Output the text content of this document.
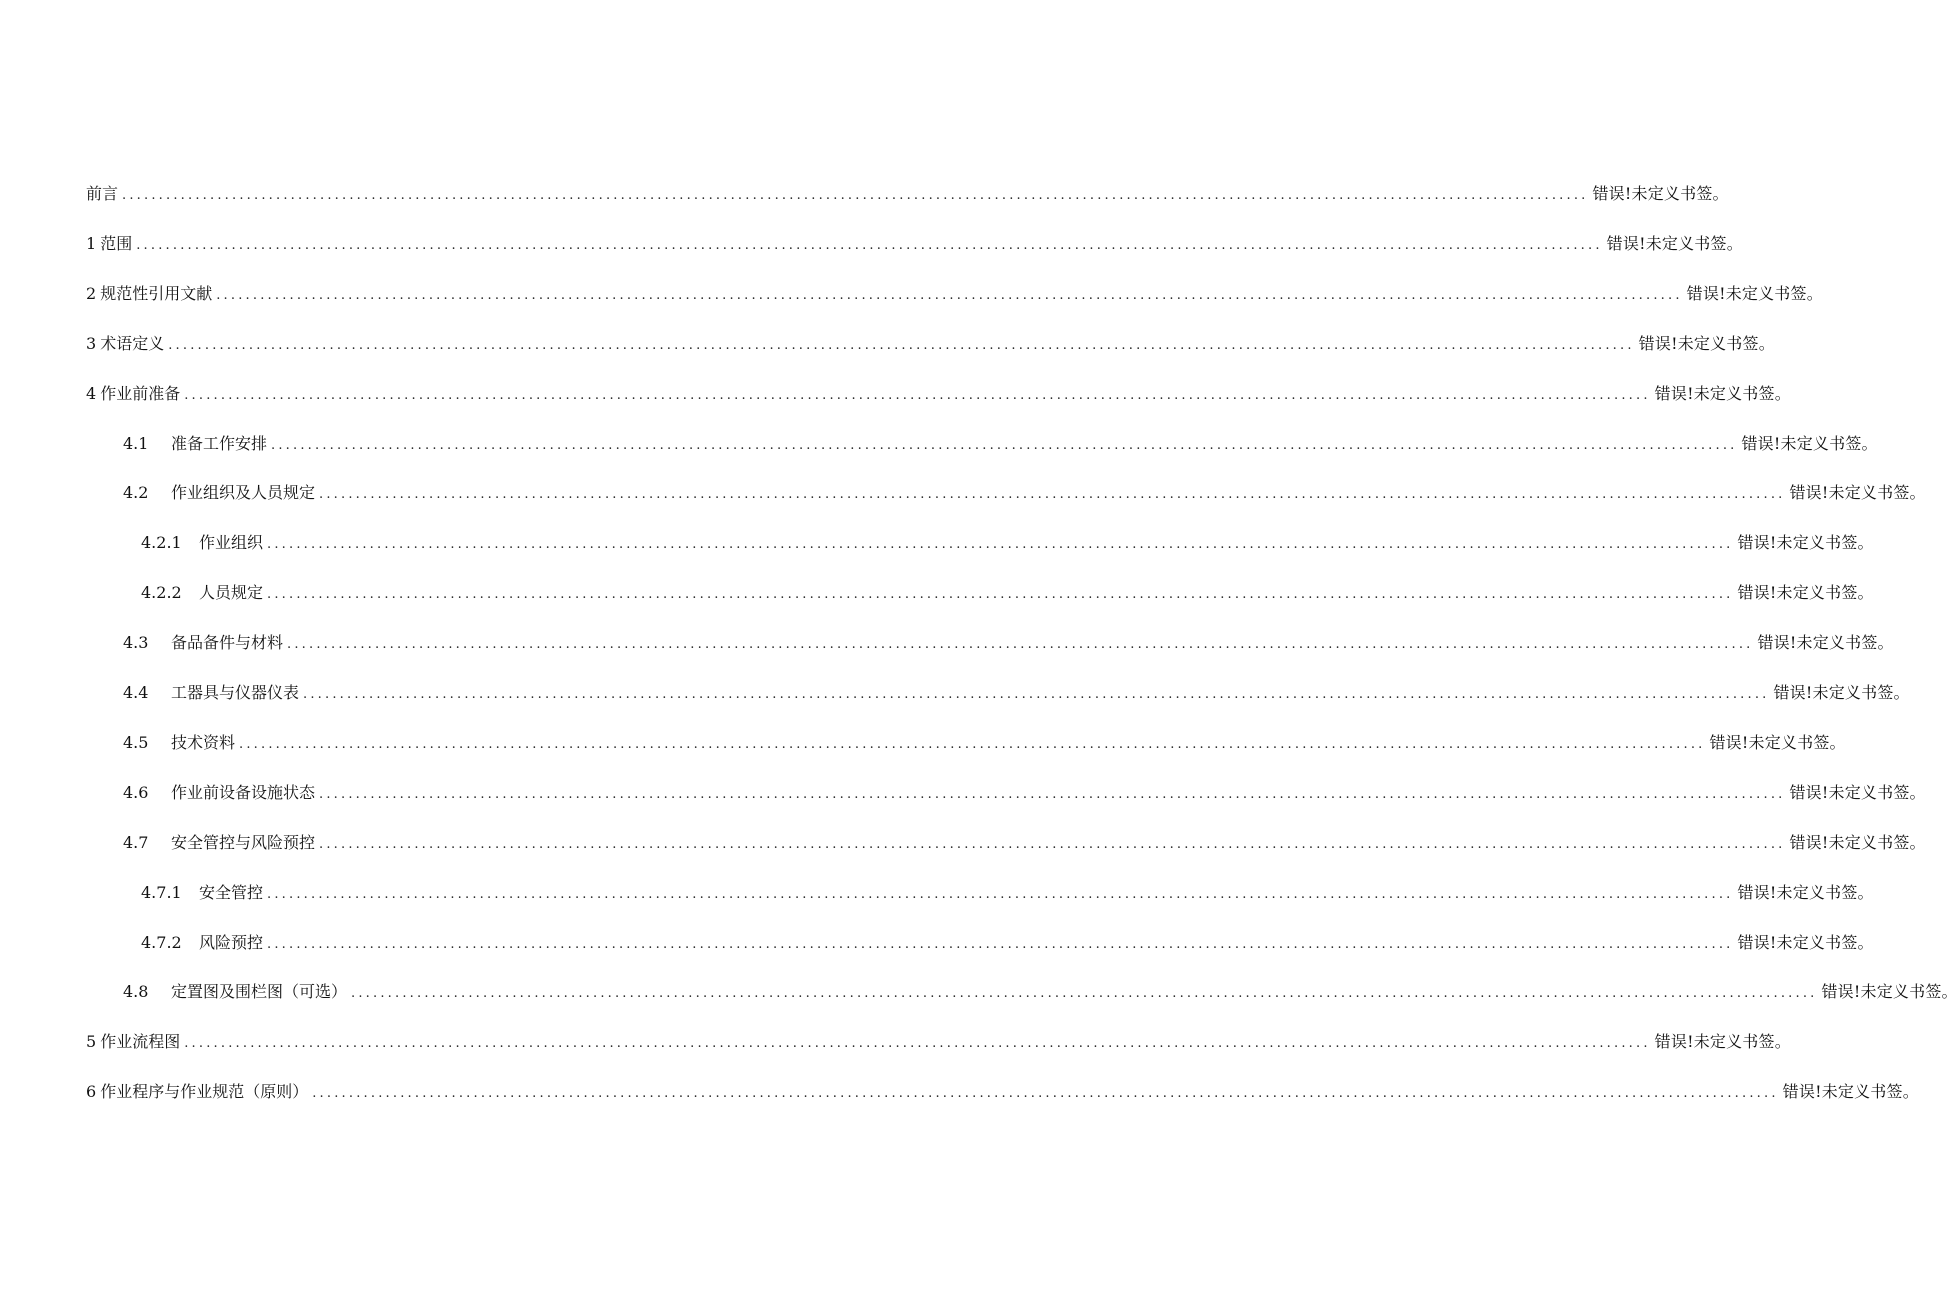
前言 ........................................................................................................................................................................................................ 错误!未定义书签。
1 范围 ........................................................................................................................................................................................................ 错误!未定义书签。
2 规范性引用文献 ........................................................................................................................................................................................................ 错误!未定义书签。
3 术语定义 ........................................................................................................................................................................................................ 错误!未定义书签。
4 作业前准备 ........................................................................................................................................................................................................ 错误!未定义书签。
4.1	准备工作安排 ........................................................................................................................................................................................................ 错误!未定义书签。
4.2	作业组织及人员规定 ........................................................................................................................................................................................................ 错误!未定义书签。
4.2.1	作业组织 ........................................................................................................................................................................................................ 错误!未定义书签。
4.2.2	人员规定 ........................................................................................................................................................................................................ 错误!未定义书签。
4.3	备品备件与材料 ........................................................................................................................................................................................................ 错误!未定义书签。
4.4	工器具与仪器仪表 ........................................................................................................................................................................................................ 错误!未定义书签。
4.5	技术资料 ........................................................................................................................................................................................................ 错误!未定义书签。
4.6	作业前设备设施状态 ........................................................................................................................................................................................................ 错误!未定义书签。
4.7	安全管控与风险预控 ........................................................................................................................................................................................................ 错误!未定义书签。
4.7.1	安全管控 ........................................................................................................................................................................................................ 错误!未定义书签。
4.7.2	风险预控 ........................................................................................................................................................................................................ 错误!未定义书签。
4.8	定置图及围栏图（可选） ........................................................................................................................................................................................................ 错误!未定义书签。
5 作业流程图 ........................................................................................................................................................................................................ 错误!未定义书签。
6 作业程序与作业规范（原则） ........................................................................................................................................................................................................ 错误!未定义书签。
